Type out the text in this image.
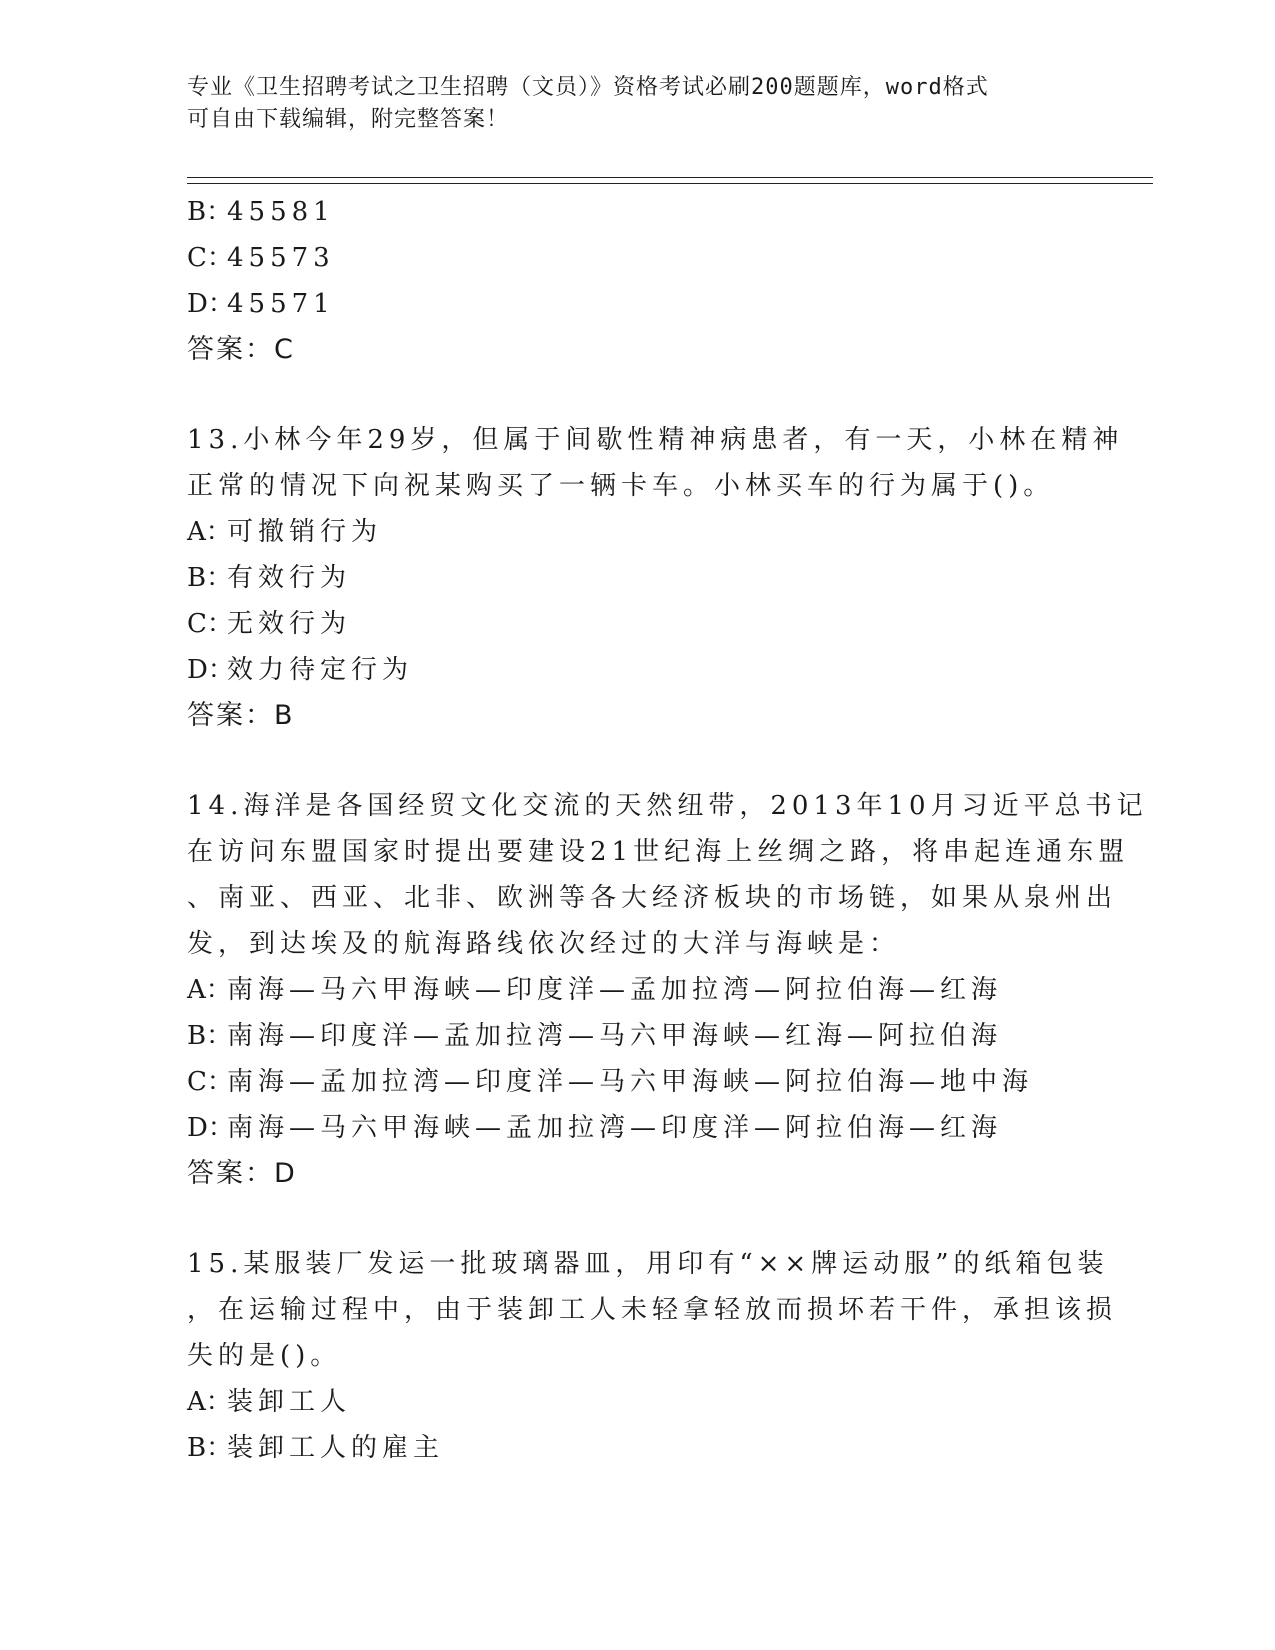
专业《卫生招聘考试之卫生招聘（文员）》资格考试必刷200题题库，word格式
可自由下载编辑，附完整答案！
B：45581
C：45573
D：45571
答案：C
13.小林今年29岁，但属于间歇性精神病患者，有一天，小林在精神
正常的情况下向祝某购买了一辆卡车。小林买车的行为属于()。
A：可撤销行为
B：有效行为
C：无效行为
D：效力待定行为
答案：B
14.海洋是各国经贸文化交流的天然纽带，2013年10月习近平总书记
在访问东盟国家时提出要建设21世纪海上丝绸之路，将串起连通东盟
、南亚、西亚、北非、欧洲等各大经济板块的市场链，如果从泉州出
发，到达埃及的航海路线依次经过的大洋与海峡是：
A：南海—马六甲海峡—印度洋—孟加拉湾—阿拉伯海—红海
B：南海—印度洋—孟加拉湾—马六甲海峡—红海—阿拉伯海
C：南海—孟加拉湾—印度洋—马六甲海峡—阿拉伯海—地中海
D：南海—马六甲海峡—孟加拉湾—印度洋—阿拉伯海—红海
答案：D
15.某服装厂发运一批玻璃器皿，用印有“××牌运动服”的纸箱包装
，在运输过程中，由于装卸工人未轻拿轻放而损坏若干件，承担该损
失的是()。
A：装卸工人
B：装卸工人的雇主
